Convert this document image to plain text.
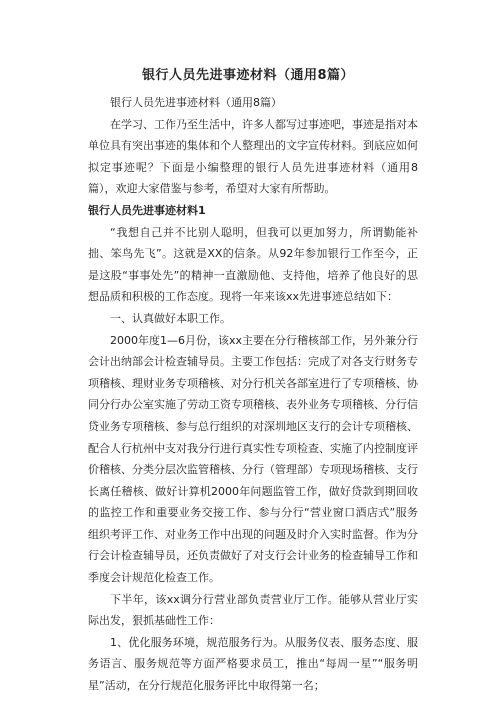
银行人员先进事迹材料（通用8篇）

银行人员先进事迹材料（通用8篇）

在学习、工作乃至生活中，许多人都写过事迹吧，事迹是指对本单位具有突出事迹的集体和个人整理出的文字宣传材料。到底应如何拟定事迹呢？下面是小编整理的银行人员先进事迹材料（通用8篇），欢迎大家借鉴与参考，希望对大家有所帮助。

银行人员先进事迹材料1

“我想自己并不比别人聪明，但我可以更加努力，所谓勤能补拙、笨鸟先飞”。这就是XX的信条。从92年参加银行工作至今，正是这股“事事处先”的精神一直激励他、支持他，培养了他良好的思想品质和积极的工作态度。现将一年来该xx先进事迹总结如下：

一、认真做好本职工作。

2000年度1—6月份，该xx主要在分行稽核部工作，另外兼分行会计出纳部会计检查辅导员。主要工作包括：完成了对各支行财务专项稽核、理财业务专项稽核、对分行机关各部室进行了专项稽核、协同分行办公室实施了劳动工资专项稽核、表外业务专项稽核、分行信贷业务专项稽核、参与总行组织的对深圳地区支行的会计专项稽核、配合人行杭州中支对我分行进行真实性专项检查、实施了内控制度评价稽核、分类分层次监管稽核、分行（管理部）专项现场稽核、支行长离任稽核、做好计算机2000年问题监管工作，做好贷款到期回收的监控工作和重要业务交接工作、参与分行“营业窗口酒店式”服务组织考评工作、对业务工作中出现的问题及时介入实时监督。作为分行会计检查辅导员，还负责做好了对支行会计业务的检查辅导工作和季度会计规范化检查工作。

下半年，该xx调分行营业部负责营业厅工作。能够从营业厅实际出发，狠抓基础性工作：

1、优化服务环境，规范服务行为。从服务仪表、服务态度、服务语言、服务规范等方面严格要求员工，推出“每周一星”“服务明星”活动，在分行规范化服务评比中取得第一名；
